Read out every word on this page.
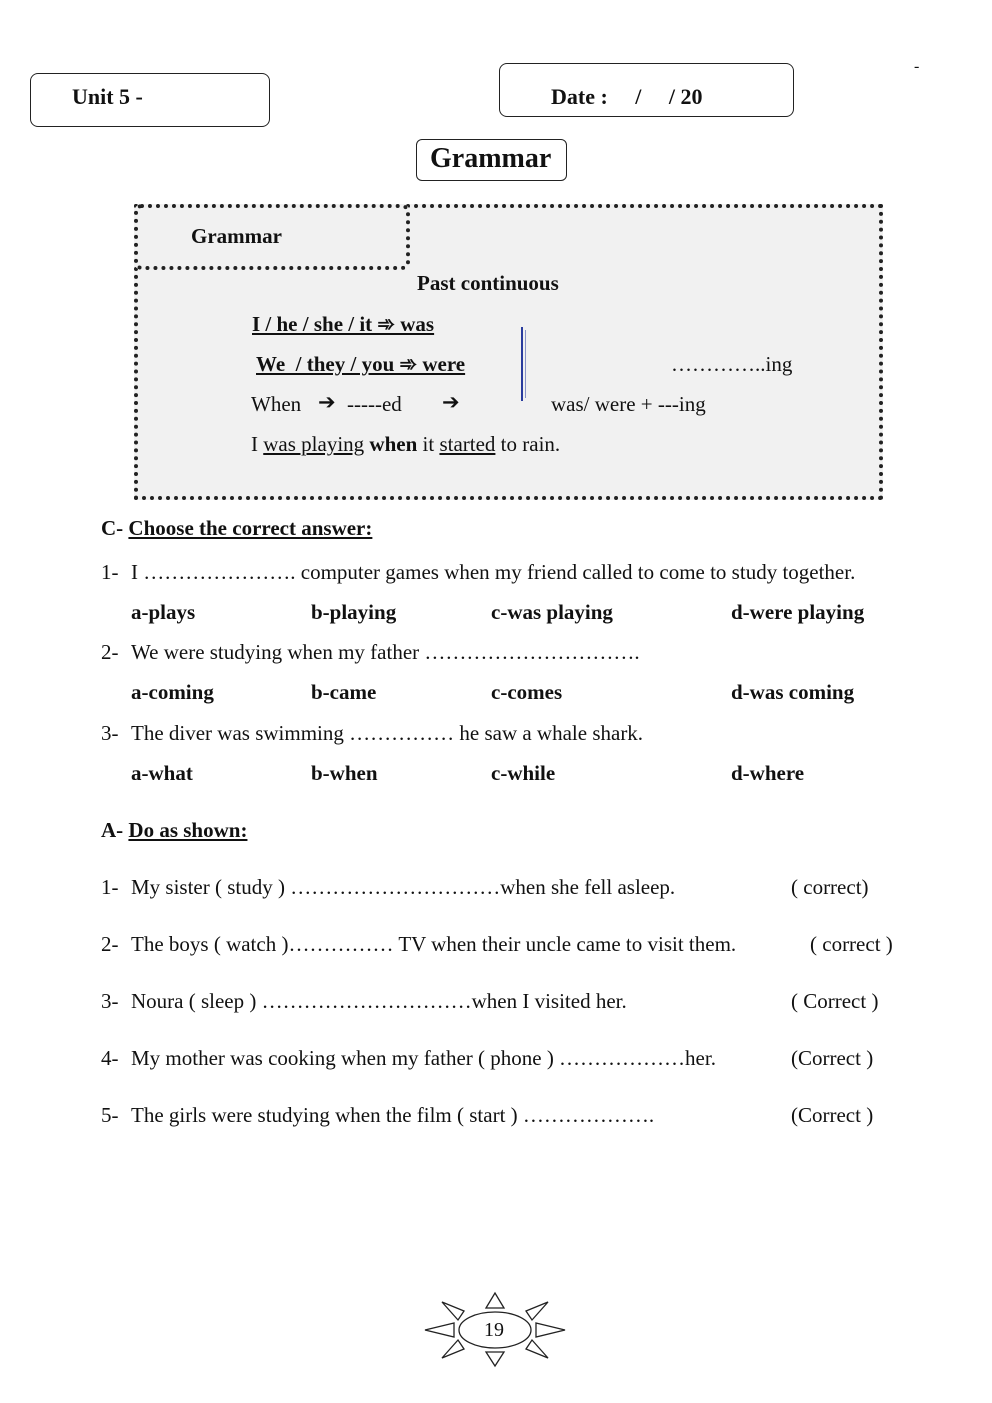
Unit 5 -	Date :     /     / 20
-
Grammar
Grammar
Past continuous
I / he / she / it ➾ was
We  / they / you ➾ were	…………..ing
When ➔ -----ed ➔	was/ were + ---ing
I was playing when it started to rain.
C- Choose the correct answer:
1- I …………………. computer games when my friend called to come to study together.
a-plays	b-playing	c-was playing	d-were playing
2- We were studying when my father ………………………….
a-coming	b-came	c-comes	d-was coming
3- The diver was swimming …………… he saw a whale shark.
a-what	b-when	c-while	d-where
A- Do as shown:
1- My sister ( study ) …………………………when she fell asleep.	( correct)
2- The boys ( watch )…………… TV when their uncle came to visit them.	( correct )
3- Noura ( sleep ) …………………………when I visited her.	( Correct )
4- My mother was cooking when my father ( phone ) ………………her.	(Correct )
5- The girls were studying when the film ( start ) ……………….	(Correct )
19
